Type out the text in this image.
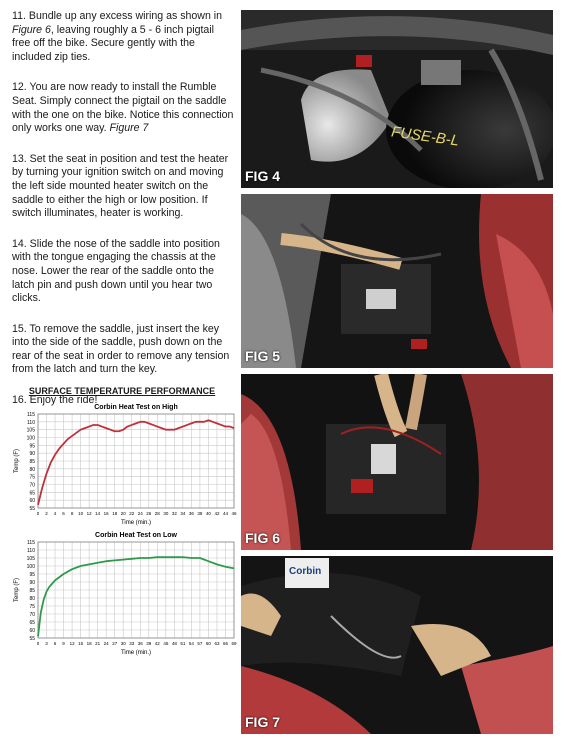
11. Bundle up any excess wiring as shown in Figure 6, leaving roughly a 5 - 6 inch pigtail free off the bike. Secure gently with the included zip ties.

12. You are now ready to install the Rumble Seat. Simply connect the pigtail on the saddle with the one on the bike. Notice this connection only works one way. Figure 7

13. Set the seat in position and test the heater by turning your ignition switch on and moving the left side mounted heater switch on the saddle to either the high or low position. If switch illuminates, heater is working.

14. Slide the nose of the saddle into position with the tongue engaging the chassis at the nose. Lower the rear of the saddle onto the latch pin and push down until you hear two clicks.

15. To remove the saddle, just insert the key into the side of the saddle, push down on the rear of the seat in order to remove any tension from the latch and turn the key.

16. Enjoy the ride!

SURFACE TEMPERATURE PERFORMANCE
Corbin Heat Test on High
55
60
65
70
75
80
85
90
95
100
105
110
115
0 2 4 6 8 10 12 14 16 18 20 22 24 26 28 30 32 34 36 38 40 42 44 46
Time (min.)
Temp (F)
Corbin Heat Test on Low
55
60
65
70
75
80
85
90
95
100
105
110
115
0 3 6 9 12 15 18 21 24 27 30 33 36 39 42 45 48 51 54 57 60 63 66 69
Time (min.)
Temp (F)
FUSE-B-L
FIG 4
FIG 5
FIG 6
Corbin
FIG 7
